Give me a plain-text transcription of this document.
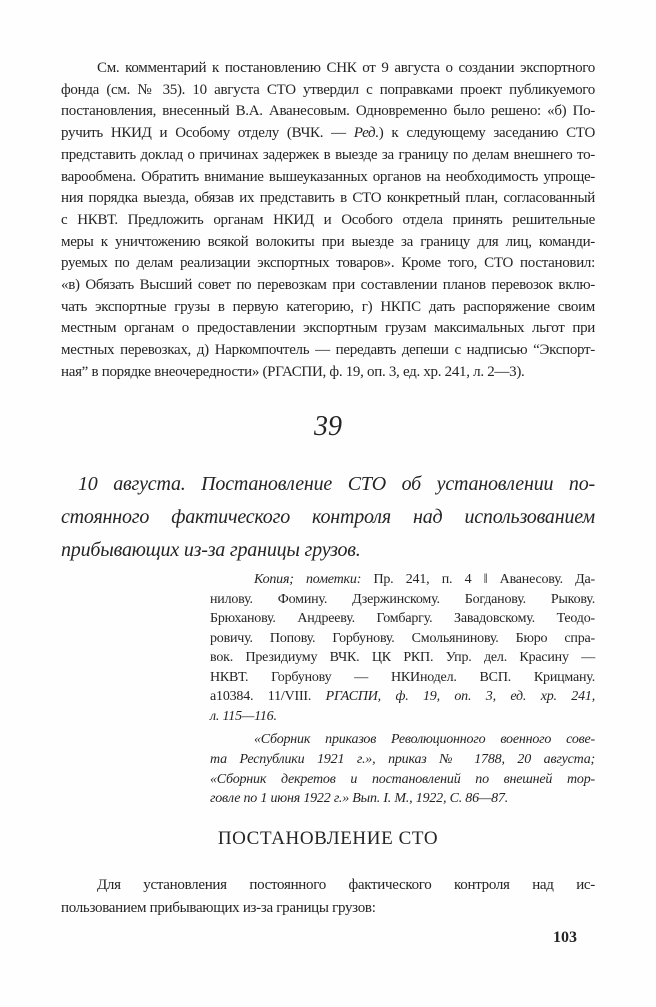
См. комментарий к постановлению СНК от 9 августа о создании экспортного
фонда (см. № 35). 10 августа СТО утвердил с поправками проект публикуемого
постановления, внесенный В.А. Аванесовым. Одновременно было решено: «б) По-
ручить НКИД и Особому отделу (ВЧК. — Ред.) к следующему заседанию СТО
представить доклад о причинах задержек в выезде за границу по делам внешнего то-
варообмена. Обратить внимание вышеуказанных органов на необходимость упроще-
ния порядка выезда, обязав их представить в СТО конкретный план, согласованный
с НКВТ. Предложить органам НКИД и Особого отдела принять решительные
меры к уничтожению всякой волокиты при выезде за границу для лиц, команди-
руемых по делам реализации экспортных товаров». Кроме того, СТО постановил:
«в) Обязать Высший совет по перевозкам при составлении планов перевозок вклю-
чать экспортные грузы в первую категорию, г) НКПС дать распоряжение своим
местным органам о предоставлении экспортным грузам максимальных льгот при
местных перевозках, д) Наркомпочтель — передавть депеши с надписью “Экспорт-
ная” в порядке внеочередности» (РГАСПИ, ф. 19, оп. 3, ед. хр. 241, л. 2—3).
39
10 августа. Постановление СТО об установлении по-
стоянного фактического контроля над использованием
прибывающих из-за границы грузов.
Копия; пометки: Пр. 241, п. 4 ‖ Аванесову. Да-
нилову. Фомину. Дзержинскому. Богданову. Рыкову.
Брюханову. Андрееву. Гомбаргу. Завадовскому. Теодо-
ровичу. Попову. Горбунову. Смольянинову. Бюро спра-
вок. Президиуму ВЧК. ЦК РКП. Упр. дел. Красину —
НКВТ. Горбунову — НКИнодел. ВСП. Крицману.
а10384. 11/VIII. РГАСПИ, ф. 19, оп. 3, ед. хр. 241,
л. 115—116.
«Сборник приказов Революционного военного сове-
та Республики 1921 г.», приказ № 1788, 20 августа;
«Сборник декретов и постановлений по внешней тор-
говле по 1 июня 1922 г.» Вып. I. М., 1922, С. 86—87.
ПОСТАНОВЛЕНИЕ СТО
Для установления постоянного фактического контроля над ис-
пользованием прибывающих из-за границы грузов:
103
